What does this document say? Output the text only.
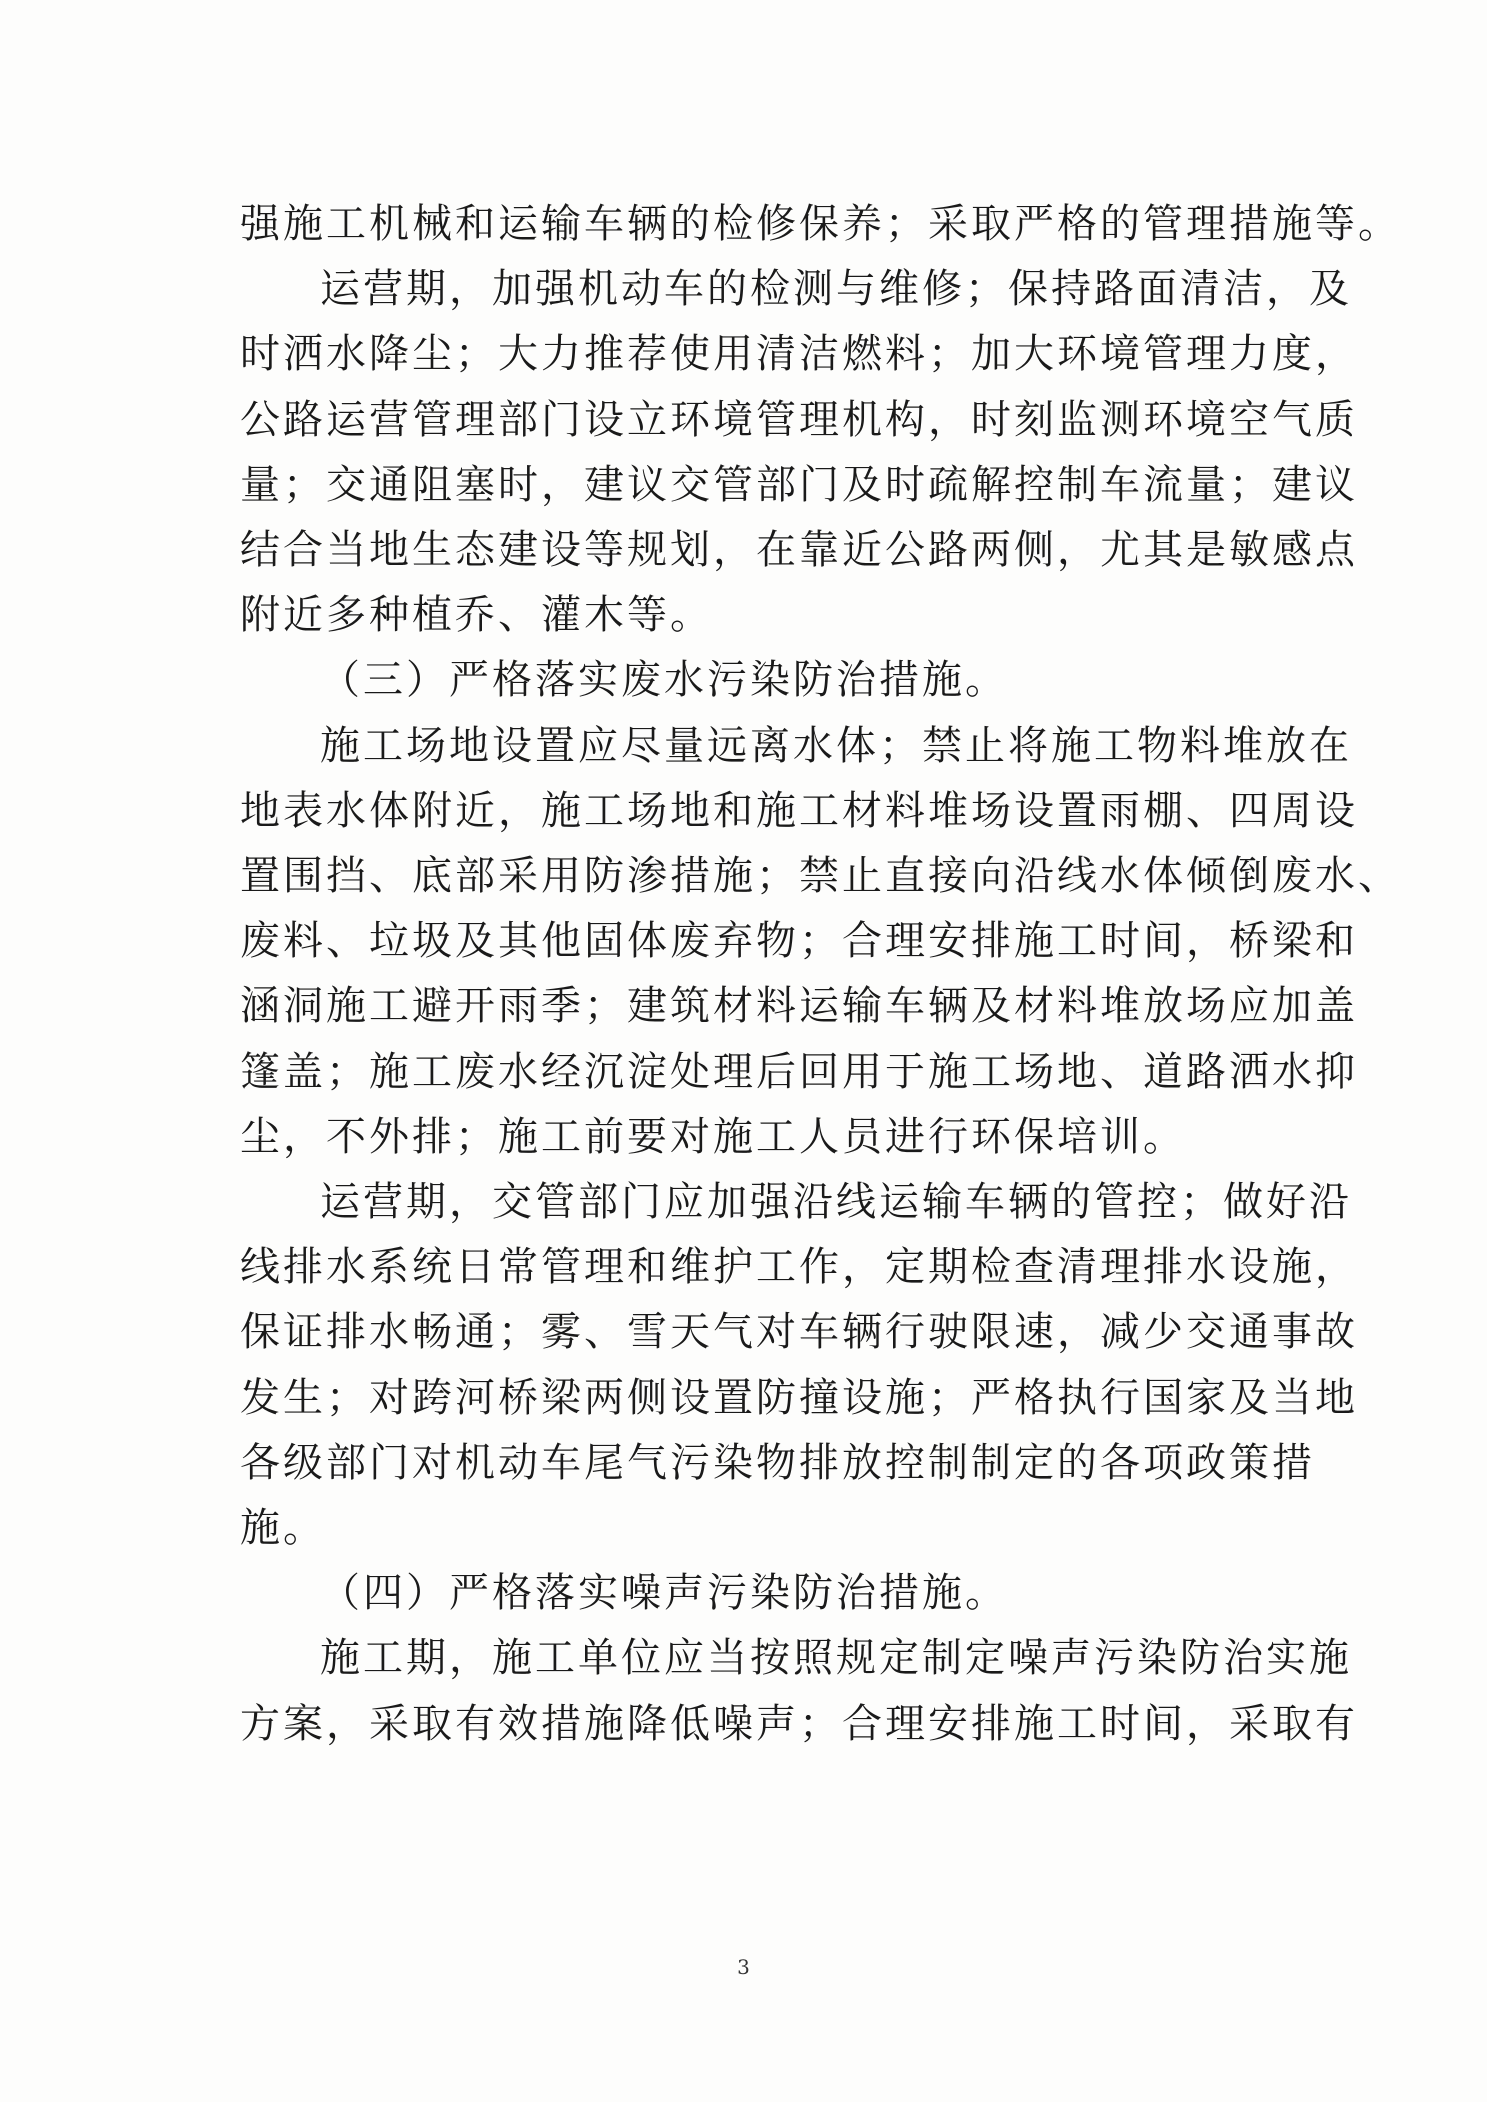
强施工机械和运输车辆的检修保养；采取严格的管理措施等。
运营期，加强机动车的检测与维修；保持路面清洁，及
时洒水降尘；大力推荐使用清洁燃料；加大环境管理力度，
公路运营管理部门设立环境管理机构，时刻监测环境空气质
量；交通阻塞时，建议交管部门及时疏解控制车流量；建议
结合当地生态建设等规划，在靠近公路两侧，尤其是敏感点
附近多种植乔、灌木等。
（三）严格落实废水污染防治措施。
施工场地设置应尽量远离水体；禁止将施工物料堆放在
地表水体附近，施工场地和施工材料堆场设置雨棚、四周设
置围挡、底部采用防渗措施；禁止直接向沿线水体倾倒废水、
废料、垃圾及其他固体废弃物；合理安排施工时间，桥梁和
涵洞施工避开雨季；建筑材料运输车辆及材料堆放场应加盖
篷盖；施工废水经沉淀处理后回用于施工场地、道路洒水抑
尘，不外排；施工前要对施工人员进行环保培训。
运营期，交管部门应加强沿线运输车辆的管控；做好沿
线排水系统日常管理和维护工作，定期检查清理排水设施，
保证排水畅通；雾、雪天气对车辆行驶限速，减少交通事故
发生；对跨河桥梁两侧设置防撞设施；严格执行国家及当地
各级部门对机动车尾气污染物排放控制制定的各项政策措
施。
（四）严格落实噪声污染防治措施。
施工期，施工单位应当按照规定制定噪声污染防治实施
方案，采取有效措施降低噪声；合理安排施工时间，采取有
3
